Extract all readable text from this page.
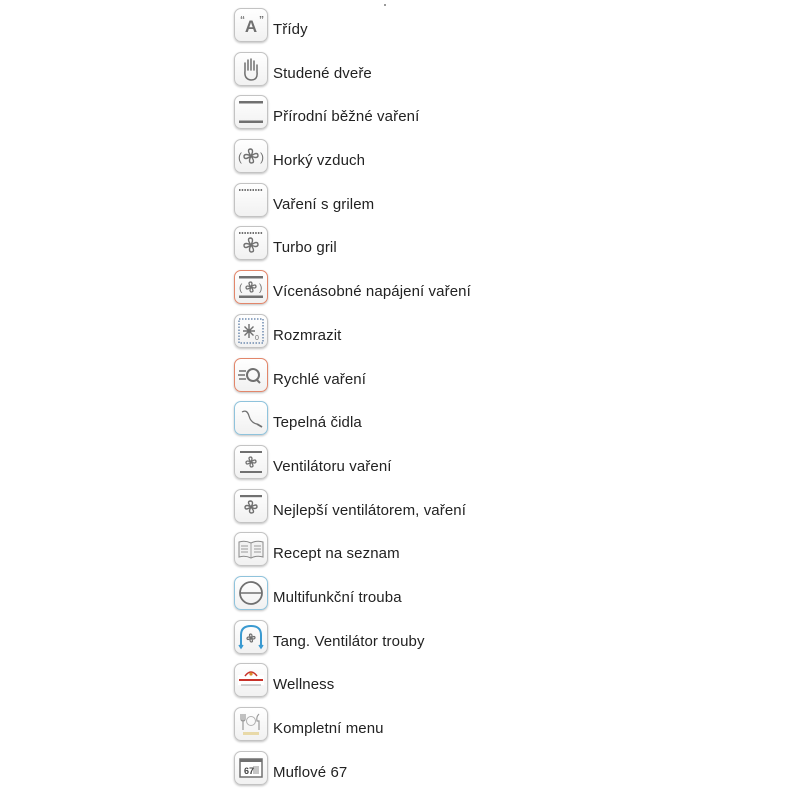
“ A ”
Třídy
Studené dveře
Přírodní běžné vaření
( ) Horký vzduch
Vaření s grilem
Turbo gril
( ) Vícenásobné napájení vaření
0 Rozmrazit
Rychlé vaření
Tepelná čidla
Ventilátoru vaření
Nejlepší ventilátorem, vaření
Recept na seznam
Multifunkční trouba
Tang. Ventilátor trouby
Wellness
Kompletní menu
67 Muflové 67
